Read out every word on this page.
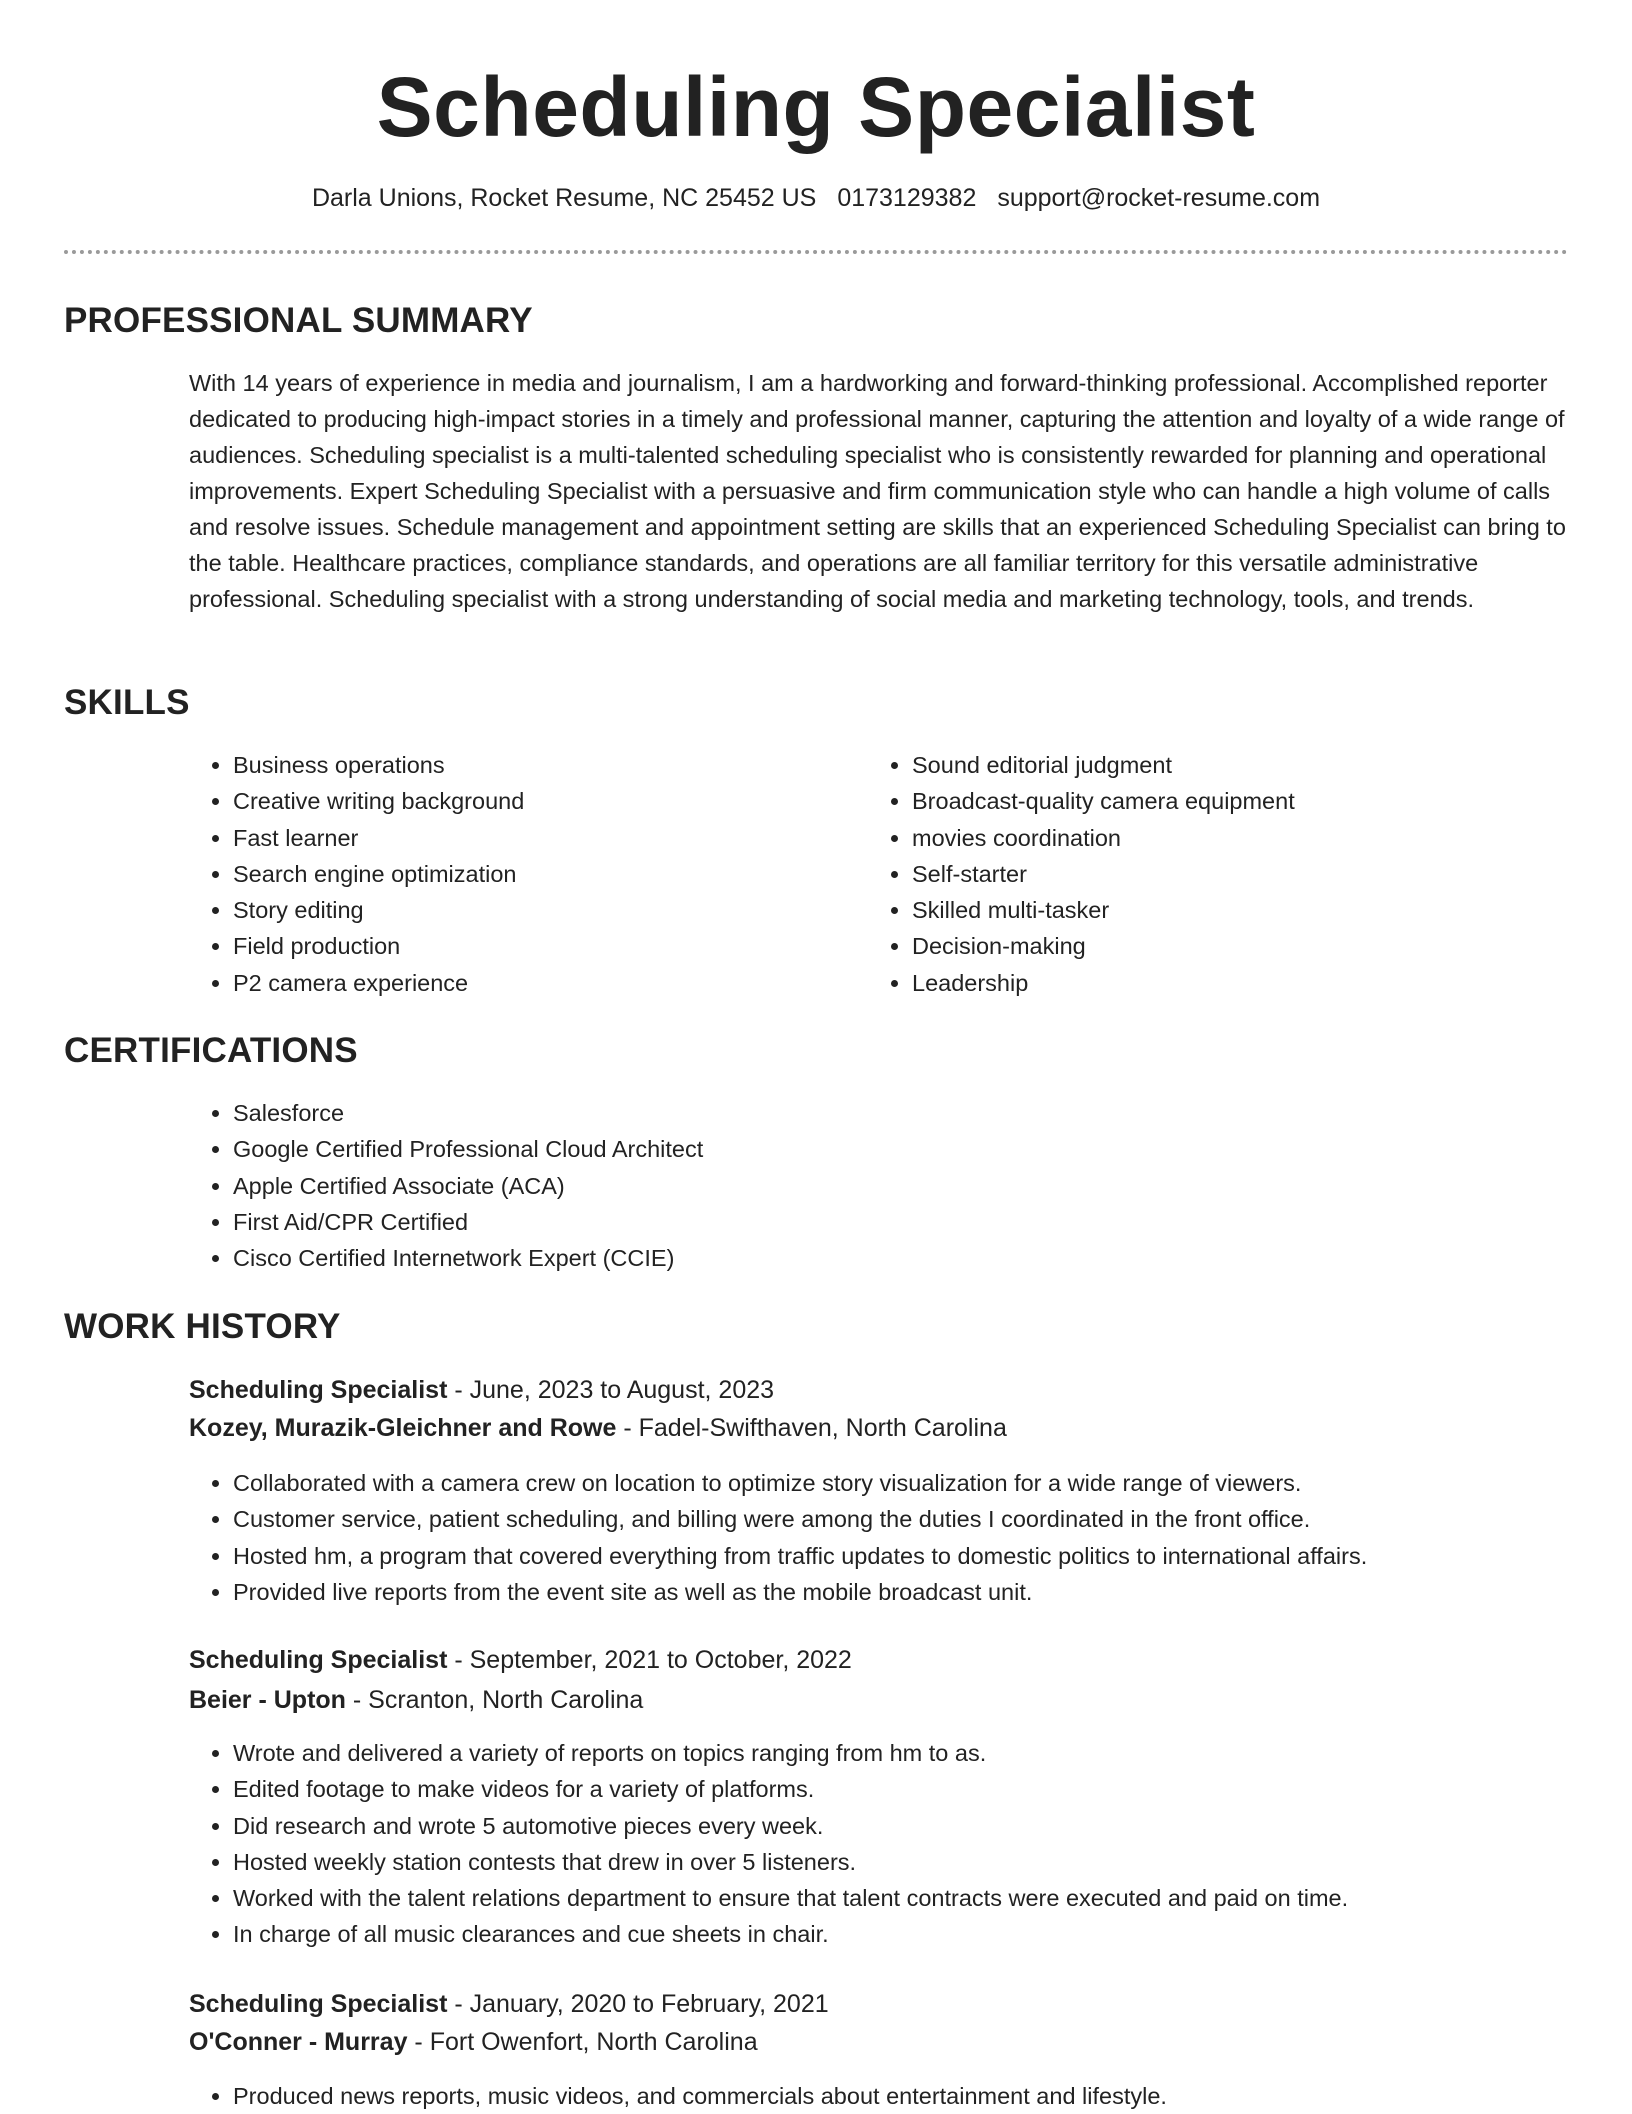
Scheduling Specialist
Darla Unions, Rocket Resume, NC 25452 US 0173129382 support@rocket-resume.com
PROFESSIONAL SUMMARY

With 14 years of experience in media and journalism, I am a hardworking and forward-thinking professional. Accomplished reporter dedicated to producing high-impact stories in a timely and professional manner, capturing the attention and loyalty of a wide range of audiences. Scheduling specialist is a multi-talented scheduling specialist who is consistently rewarded for planning and operational improvements. Expert Scheduling Specialist with a persuasive and firm communication style who can handle a high volume of calls and resolve issues. Schedule management and appointment setting are skills that an experienced Scheduling Specialist can bring to the table. Healthcare practices, compliance standards, and operations are all familiar territory for this versatile administrative professional. Scheduling specialist with a strong understanding of social media and marketing technology, tools, and trends.

SKILLS
• Business operations
• Creative writing background
• Fast learner
• Search engine optimization
• Story editing
• Field production
• P2 camera experience
• Sound editorial judgment
• Broadcast-quality camera equipment
• movies coordination
• Self-starter
• Skilled multi-tasker
• Decision-making
• Leadership
CERTIFICATIONS
• Salesforce
• Google Certified Professional Cloud Architect
• Apple Certified Associate (ACA)
• First Aid/CPR Certified
• Cisco Certified Internetwork Expert (CCIE)
WORK HISTORY
Scheduling Specialist - June, 2023 to August, 2023
Kozey, Murazik-Gleichner and Rowe - Fadel-Swifthaven, North Carolina
• Collaborated with a camera crew on location to optimize story visualization for a wide range of viewers.
• Customer service, patient scheduling, and billing were among the duties I coordinated in the front office.
• Hosted hm, a program that covered everything from traffic updates to domestic politics to international affairs.
• Provided live reports from the event site as well as the mobile broadcast unit.
Scheduling Specialist - September, 2021 to October, 2022
Beier - Upton - Scranton, North Carolina
• Wrote and delivered a variety of reports on topics ranging from hm to as.
• Edited footage to make videos for a variety of platforms.
• Did research and wrote 5 automotive pieces every week.
• Hosted weekly station contests that drew in over 5 listeners.
• Worked with the talent relations department to ensure that talent contracts were executed and paid on time.
• In charge of all music clearances and cue sheets in chair.
Scheduling Specialist - January, 2020 to February, 2021
O'Conner - Murray - Fort Owenfort, North Carolina
• Produced news reports, music videos, and commercials about entertainment and lifestyle.
